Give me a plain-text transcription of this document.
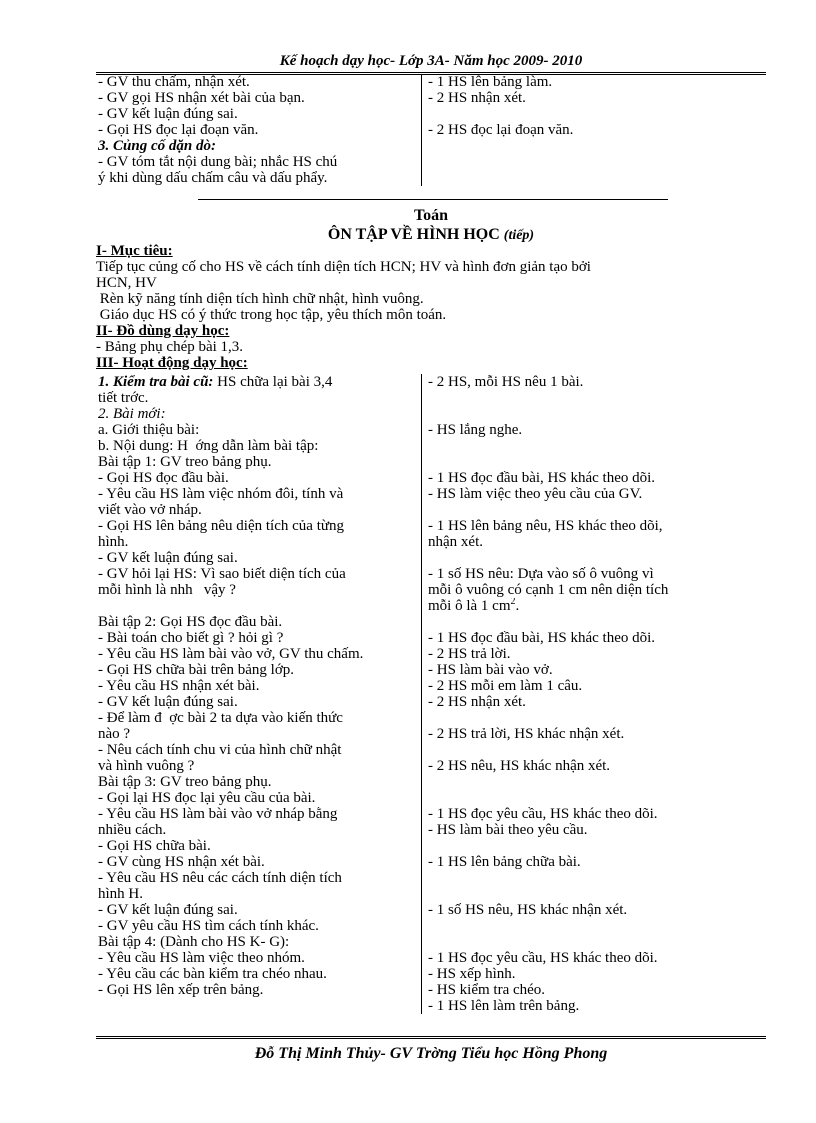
Kế hoạch dạy học- Lớp 3A- Năm học 2009- 2010
- GV thu chấm, nhận xét.
- GV gọi HS nhận xét bài của bạn.
- GV kết luận đúng sai.
- Gọi HS đọc lại đoạn văn.
3. Củng cố dặn dò:
- GV tóm tắt nội dung bài; nhắc HS chú
ý khi dùng dấu chấm câu và dấu phẩy.
- 1 HS lên bảng làm.
- 2 HS nhận xét.
- 2 HS đọc lại đoạn văn.
Toán
ÔN TẬP VỀ HÌNH HỌC (tiếp)
I- Mục tiêu:
Tiếp tục củng cố cho HS về cách tính diện tích HCN; HV và hình đơn giản tạo bởi
HCN, HV
Rèn kỹ năng tính diện tích hình chữ nhật, hình vuông.
Giáo dục HS có ý thức trong học tập, yêu thích môn toán.
II- Đồ dùng dạy học:
- Bảng phụ chép bài 1,3.
III- Hoạt động dạy học:
1. Kiểm tra bài cũ: HS chữa lại bài 3,4
tiết trớc.
2. Bài mới:
a. Giới thiệu bài:
b. Nội dung: H  ớng dẫn làm bài tập:
Bài tập 1: GV treo bảng phụ.
- Gọi HS đọc đầu bài.
- Yêu cầu HS làm việc nhóm đôi, tính và
viết vào vở nháp.
- Gọi HS lên bảng nêu diện tích của từng
hình.
- GV kết luận đúng sai.
- GV hỏi lại HS: Vì sao biết diện tích của
mỗi hình là nhh   vậy ?
Bài tập 2: Gọi HS đọc đầu bài.
- Bài toán cho biết gì ? hỏi gì ?
- Yêu cầu HS làm bài vào vở, GV thu chấm.
- Gọi HS chữa bài trên bảng lớp.
- Yêu cầu HS nhận xét bài.
- GV kết luận đúng sai.
- Để làm đ  ợc bài 2 ta dựa vào kiến thức
nào ?
- Nêu cách tính chu vi của hình chữ nhật
và hình vuông ?
Bài tập 3: GV treo bảng phụ.
- Gọi lại HS đọc lại yêu cầu của bài.
- Yêu cầu HS làm bài vào vở nháp bằng
nhiều cách.
- Gọi HS chữa bài.
- GV cùng HS nhận xét bài.
- Yêu cầu HS nêu các cách tính diện tích
hình H.
- GV kết luận đúng sai.
- GV yêu cầu HS tìm cách tính khác.
Bài tập 4: (Dành cho HS K- G):
- Yêu cầu HS làm việc theo nhóm.
- Yêu cầu các bàn kiểm tra chéo nhau.
- Gọi HS lên xếp trên bảng.
- 2 HS, mỗi HS nêu 1 bài.
- HS lắng nghe.
- 1 HS đọc đầu bài, HS khác theo dõi.
- HS làm việc theo yêu cầu của GV.
- 1 HS lên bảng nêu, HS khác theo dõi,
nhận xét.
- 1 số HS nêu: Dựa vào số ô vuông vì
mỗi ô vuông có cạnh 1 cm nên diện tích
mỗi ô là 1 $cm^2$.
- 1 HS đọc đầu bài, HS khác theo dõi.
- 2 HS trả lời.
- HS làm bài vào vở.
- 2 HS mỗi em làm 1 câu.
- 2 HS nhận xét.
- 2 HS trả lời, HS khác nhận xét.
- 2 HS nêu, HS khác nhận xét.
- 1 HS đọc yêu cầu, HS khác theo dõi.
- HS làm bài theo yêu cầu.
- 1 HS lên bảng chữa bài.
- 1 số HS nêu, HS khác nhận xét.
- 1 HS đọc yêu cầu, HS khác theo dõi.
- HS xếp hình.
- HS kiểm tra chéo.
- 1 HS lên làm trên bảng.
Đỗ Thị Minh Thủy- GV Trờng Tiểu học Hồng Phong
